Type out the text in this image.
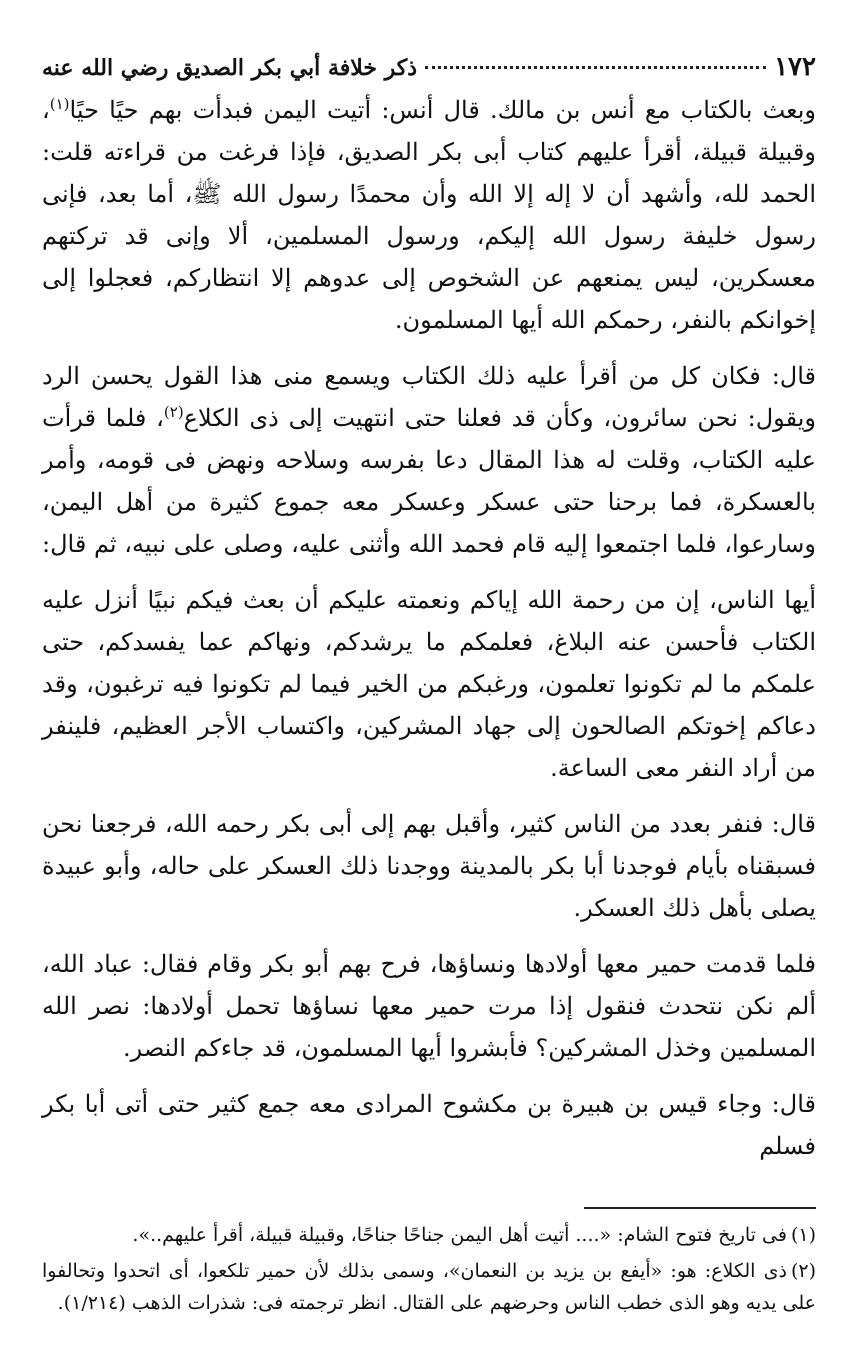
١٧٢
ذكر خلافة أبي بكر الصديق رضي الله عنه

وبعث بالكتاب مع أنس بن مالك. قال أنس: أتيت اليمن فبدأت بهم حيًا حيًا$^{(١)}$، وقبيلة قبيلة، أقرأ عليهم كتاب أبى بكر الصديق، فإذا فرغت من قراءته قلت: الحمد لله، وأشهد أن لا إله إلا الله وأن محمدًا رسول الله ﷺ، أما بعد، فإنى رسول خليفة رسول الله إليكم، ورسول المسلمين، ألا وإنى قد تركتهم معسكرين، ليس يمنعهم عن الشخوص إلى عدوهم إلا انتظاركم، فعجلوا إلى إخوانكم بالنفر، رحمكم الله أيها المسلمون.

قال: فكان كل من أقرأ عليه ذلك الكتاب ويسمع منى هذا القول يحسن الرد ويقول: نحن سائرون، وكأن قد فعلنا حتى انتهيت إلى ذى الكلاع$^{(٢)}$، فلما قرأت عليه الكتاب، وقلت له هذا المقال دعا بفرسه وسلاحه ونهض فى قومه، وأمر بالعسكرة، فما برحنا حتى عسكر وعسكر معه جموع كثيرة من أهل اليمن، وسارعوا، فلما اجتمعوا إليه قام فحمد الله وأثنى عليه، وصلى على نبيه، ثم قال:

أيها الناس، إن من رحمة الله إياكم ونعمته عليكم أن بعث فيكم نبيًا أنزل عليه الكتاب فأحسن عنه البلاغ، فعلمكم ما يرشدكم، ونهاكم عما يفسدكم، حتى علمكم ما لم تكونوا تعلمون، ورغبكم من الخير فيما لم تكونوا فيه ترغبون، وقد دعاكم إخوتكم الصالحون إلى جهاد المشركين، واكتساب الأجر العظيم، فلينفر من أراد النفر معى الساعة.

قال: فنفر بعدد من الناس كثير، وأقبل بهم إلى أبى بكر رحمه الله، فرجعنا نحن فسبقناه بأيام فوجدنا أبا بكر بالمدينة ووجدنا ذلك العسكر على حاله، وأبو عبيدة يصلى بأهل ذلك العسكر.

فلما قدمت حمير معها أولادها ونساؤها، فرح بهم أبو بكر وقام فقال: عباد الله، ألم نكن نتحدث فنقول إذا مرت حمير معها نساؤها تحمل أولادها: نصر الله المسلمين وخذل المشركين؟ فأبشروا أيها المسلمون، قد جاءكم النصر.

قال: وجاء قيس بن هبيرة بن مكشوح المرادى معه جمع كثير حتى أتى أبا بكر فسلم

(١)فى تاريخ فتوح الشام: «.... أتيت أهل اليمن جناحًا جناحًا، وقبيلة قبيلة، أقرأ عليهم..».

(٢)ذى الكلاع: هو: «أيفع بن يزيد بن النعمان»، وسمى بذلك لأن حمير تلكعوا، أى اتحدوا وتحالفوا على يديه وهو الذى خطب الناس وحرضهم على القتال. انظر ترجمته فى: شذرات الذهب (١/٢١٤).
